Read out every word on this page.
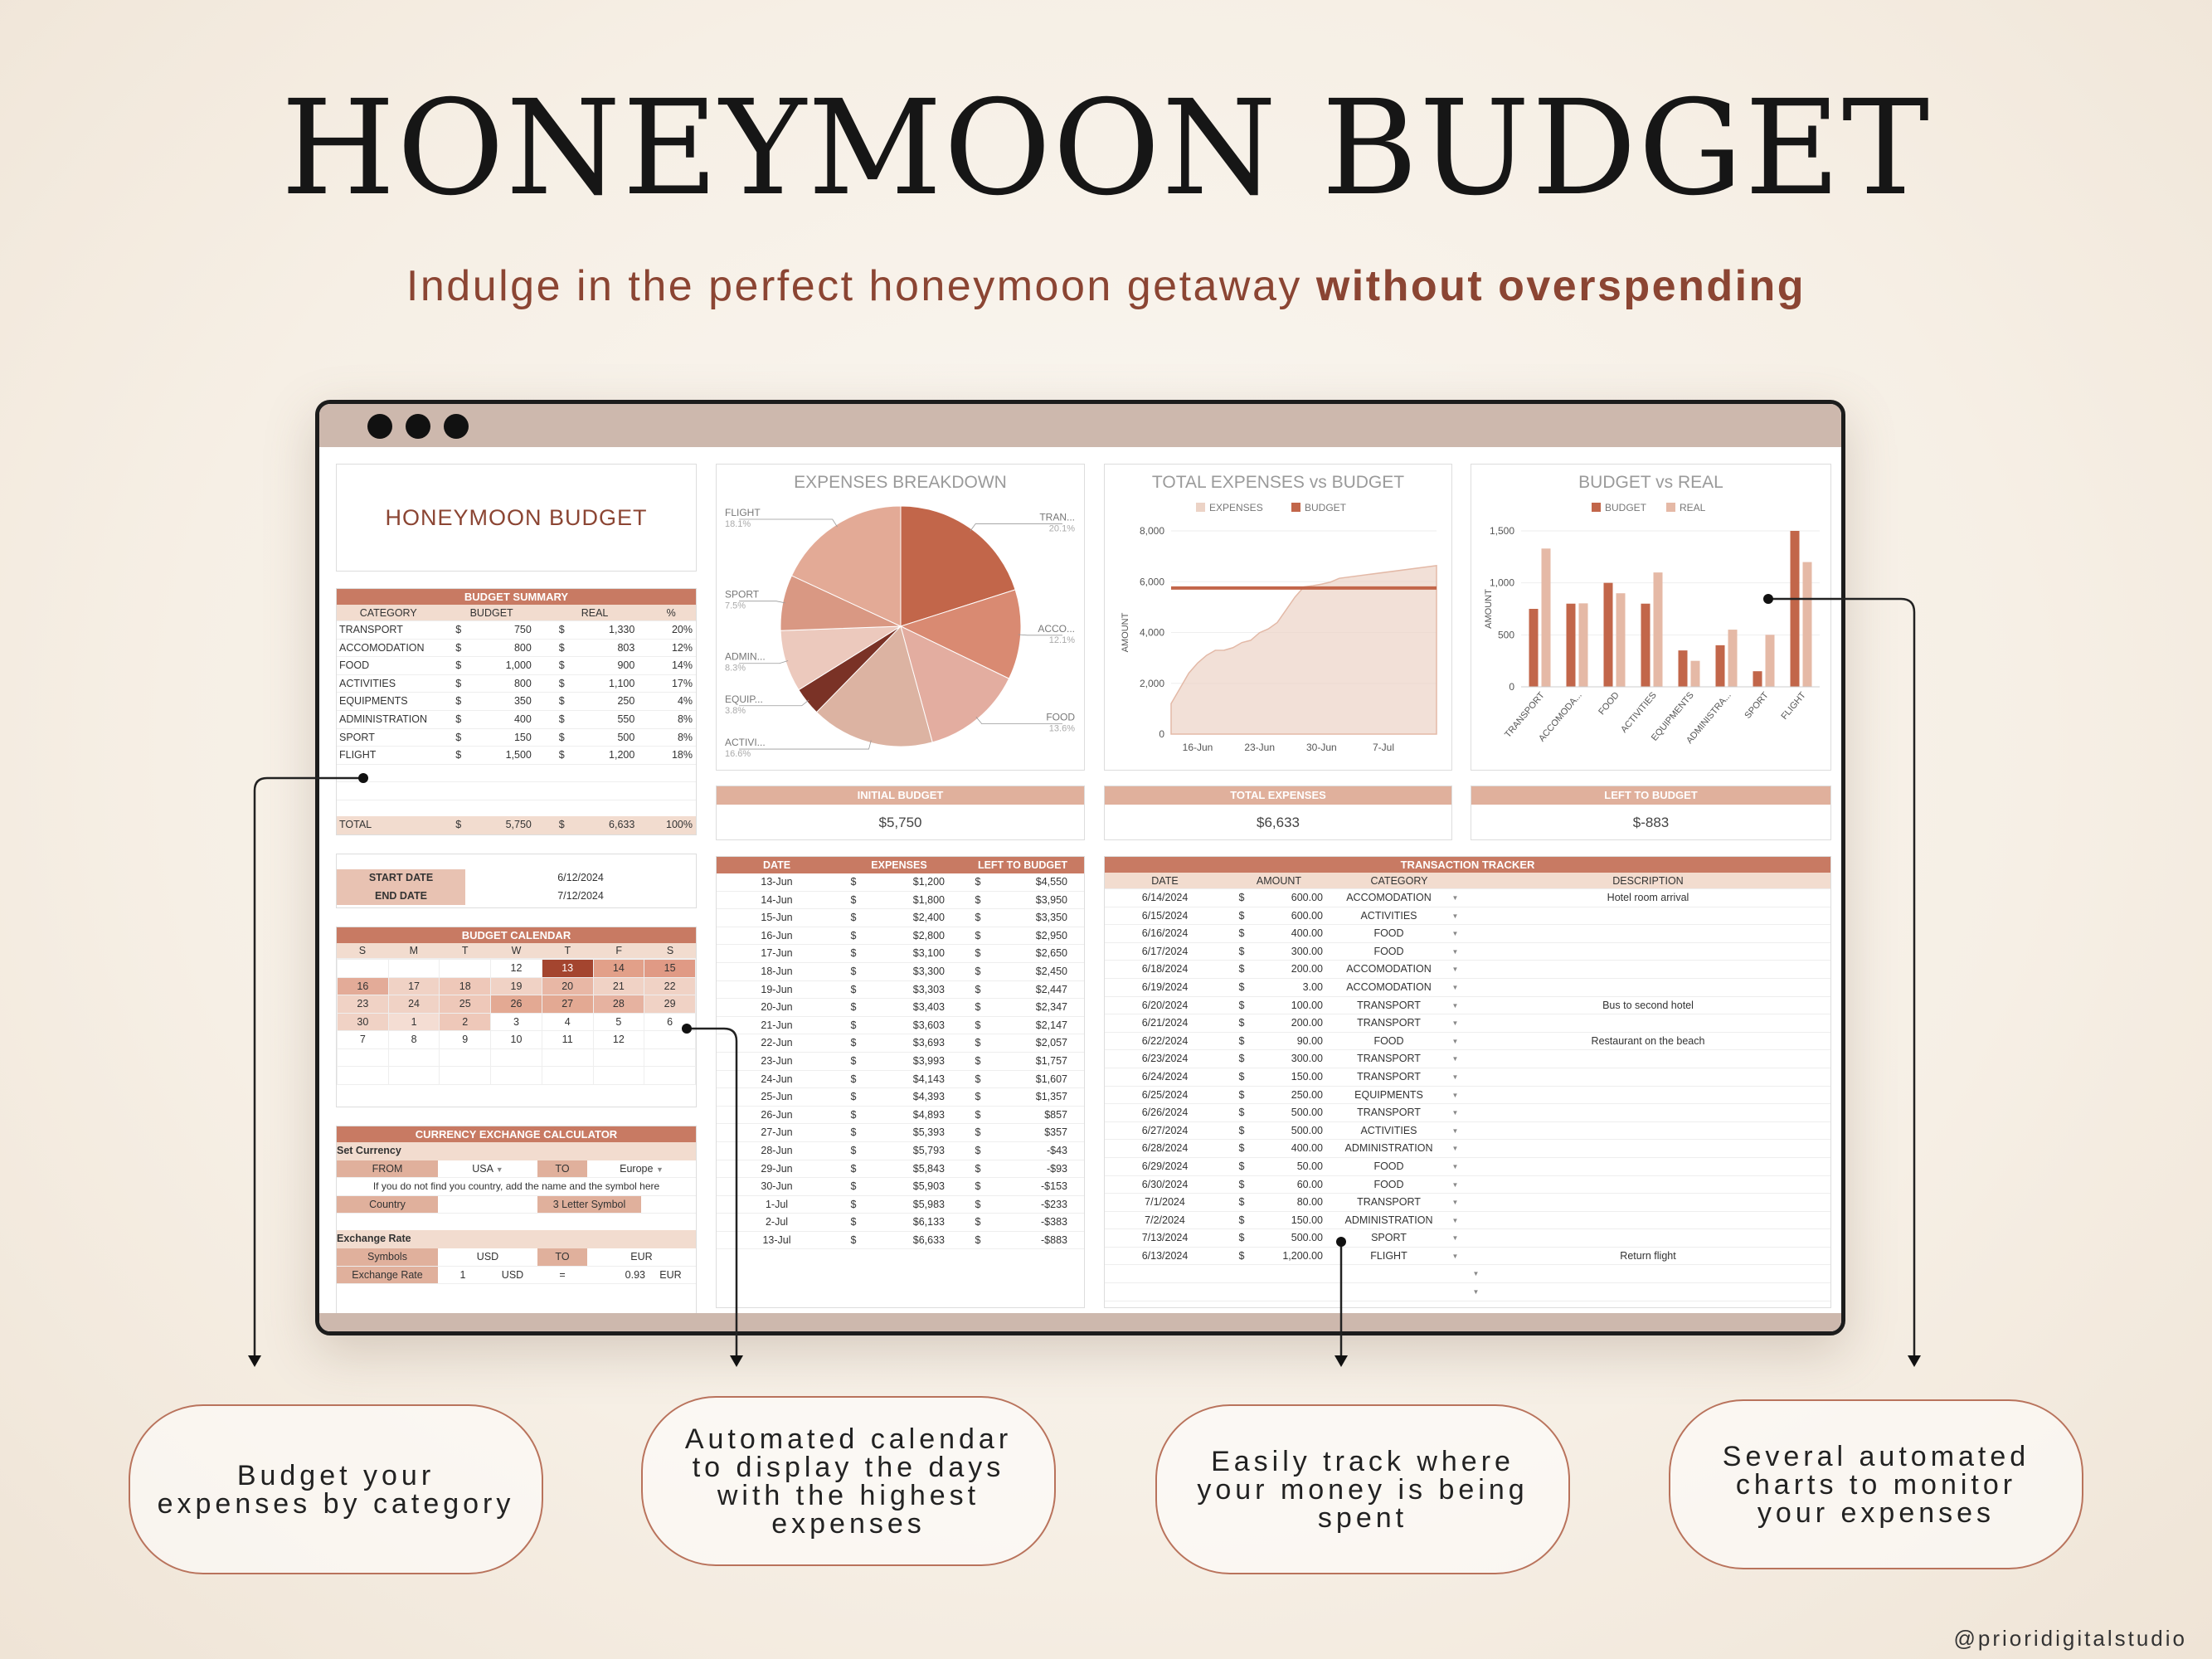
HONEYMOON BUDGET
Indulge in the perfect honeymoon getaway without overspending
HONEYMOON BUDGET
BUDGET SUMMARY
CATEGORY	BUDGET	REAL	%
TRANSPORT	$	750	$	1,330	20%
ACCOMODATION	$	800	$	803	12%
FOOD	$	1,000	$	900	14%
ACTIVITIES	$	800	$	1,100	17%
EQUIPMENTS	$	350	$	250	4%
ADMINISTRATION	$	400	$	550	8%
SPORT	$	150	$	500	8%
FLIGHT	$	1,500	$	1,200	18%
TOTAL	$	5,750	$	6,633	100%
START DATE	6/12/2024
END DATE	7/12/2024
BUDGET CALENDAR
S	M	T	W	T	F	S
			12	13	14	15
16	17	18	19	20	21	22
23	24	25	26	27	28	29
30	1	2	3	4	5	6
7	8	9	10	11	12	

CURRENCY EXCHANGE CALCULATOR
Set Currency
FROM	USA ▼	TO	Europe ▼
If you do not find you country, add the name and the symbol here
Country	3 Letter Symbol
Exchange Rate
Symbols	USD	TO	EUR
Exchange Rate	1	USD	=	0.93	EUR
EXPENSES BREAKDOWN
TRAN...
20.1%
ACCO...
12.1%
FOOD
13.6%
ACTIVI...
16.6%
EQUIP...
3.8%
ADMIN...
8.3%
SPORT
7.5%
FLIGHT
18.1%
TOTAL EXPENSES vs BUDGET
EXPENSES	BUDGET
0
2,000
4,000
6,000
8,000
AMOUNT
16-Jun	23-Jun	30-Jun	7-Jul
BUDGET vs REAL
BUDGET	REAL
0
500
1,000
1,500
AMOUNT
TRANSPORT
ACCOMODA... FOOD
ACTIVITIES
EQUIPMENTS
ADMINISTRA... SPORT FLIGHT
INITIAL BUDGET
$5,750
TOTAL EXPENSES
$6,633
LEFT TO BUDGET
$-883
DATE	EXPENSES	LEFT TO BUDGET
13-Jun	$	$1,200	$	$4,550
14-Jun	$	$1,800	$	$3,950
15-Jun	$	$2,400	$	$3,350
16-Jun	$	$2,800	$	$2,950
17-Jun	$	$3,100	$	$2,650
18-Jun	$	$3,300	$	$2,450
19-Jun	$	$3,303	$	$2,447
20-Jun	$	$3,403	$	$2,347
21-Jun	$	$3,603	$	$2,147
22-Jun	$	$3,693	$	$2,057
23-Jun	$	$3,993	$	$1,757
24-Jun	$	$4,143	$	$1,607
25-Jun	$	$4,393	$	$1,357
26-Jun	$	$4,893	$	$857
27-Jun	$	$5,393	$	$357
28-Jun	$	$5,793	$	-$43
29-Jun	$	$5,843	$	-$93
30-Jun	$	$5,903	$	-$153
1-Jul	$	$5,983	$	-$233
2-Jul	$	$6,133	$	-$383
13-Jul	$	$6,633	$	-$883
TRANSACTION TRACKER
DATE	AMOUNT	CATEGORY	DESCRIPTION
6/14/2024	$	600.00	ACCOMODATION	▼	Hotel room arrival
6/15/2024	$	600.00	ACTIVITIES	▼
6/16/2024	$	400.00	FOOD	▼
6/17/2024	$	300.00	FOOD	▼
6/18/2024	$	200.00	ACCOMODATION	▼
6/19/2024	$	3.00	ACCOMODATION	▼
6/20/2024	$	100.00	TRANSPORT	▼	Bus to second hotel
6/21/2024	$	200.00	TRANSPORT	▼
6/22/2024	$	90.00	FOOD	▼	Restaurant on the beach
6/23/2024	$	300.00	TRANSPORT	▼
6/24/2024	$	150.00	TRANSPORT	▼
6/25/2024	$	250.00	EQUIPMENTS	▼
6/26/2024	$	500.00	TRANSPORT	▼
6/27/2024	$	500.00	ACTIVITIES	▼
6/28/2024	$	400.00	ADMINISTRATION	▼
6/29/2024	$	50.00	FOOD	▼
6/30/2024	$	60.00	FOOD	▼
7/1/2024	$	80.00	TRANSPORT	▼
7/2/2024	$	150.00	ADMINISTRATION	▼
7/13/2024	$	500.00	SPORT	▼
6/13/2024	$	1,200.00	FLIGHT	▼	Return flight
▼
▼
Budget your expenses by category
Automated calendar to display the days with the highest expenses
Easily track where your money is being spent
Several automated charts to monitor your expenses
@prioridigitalstudio
